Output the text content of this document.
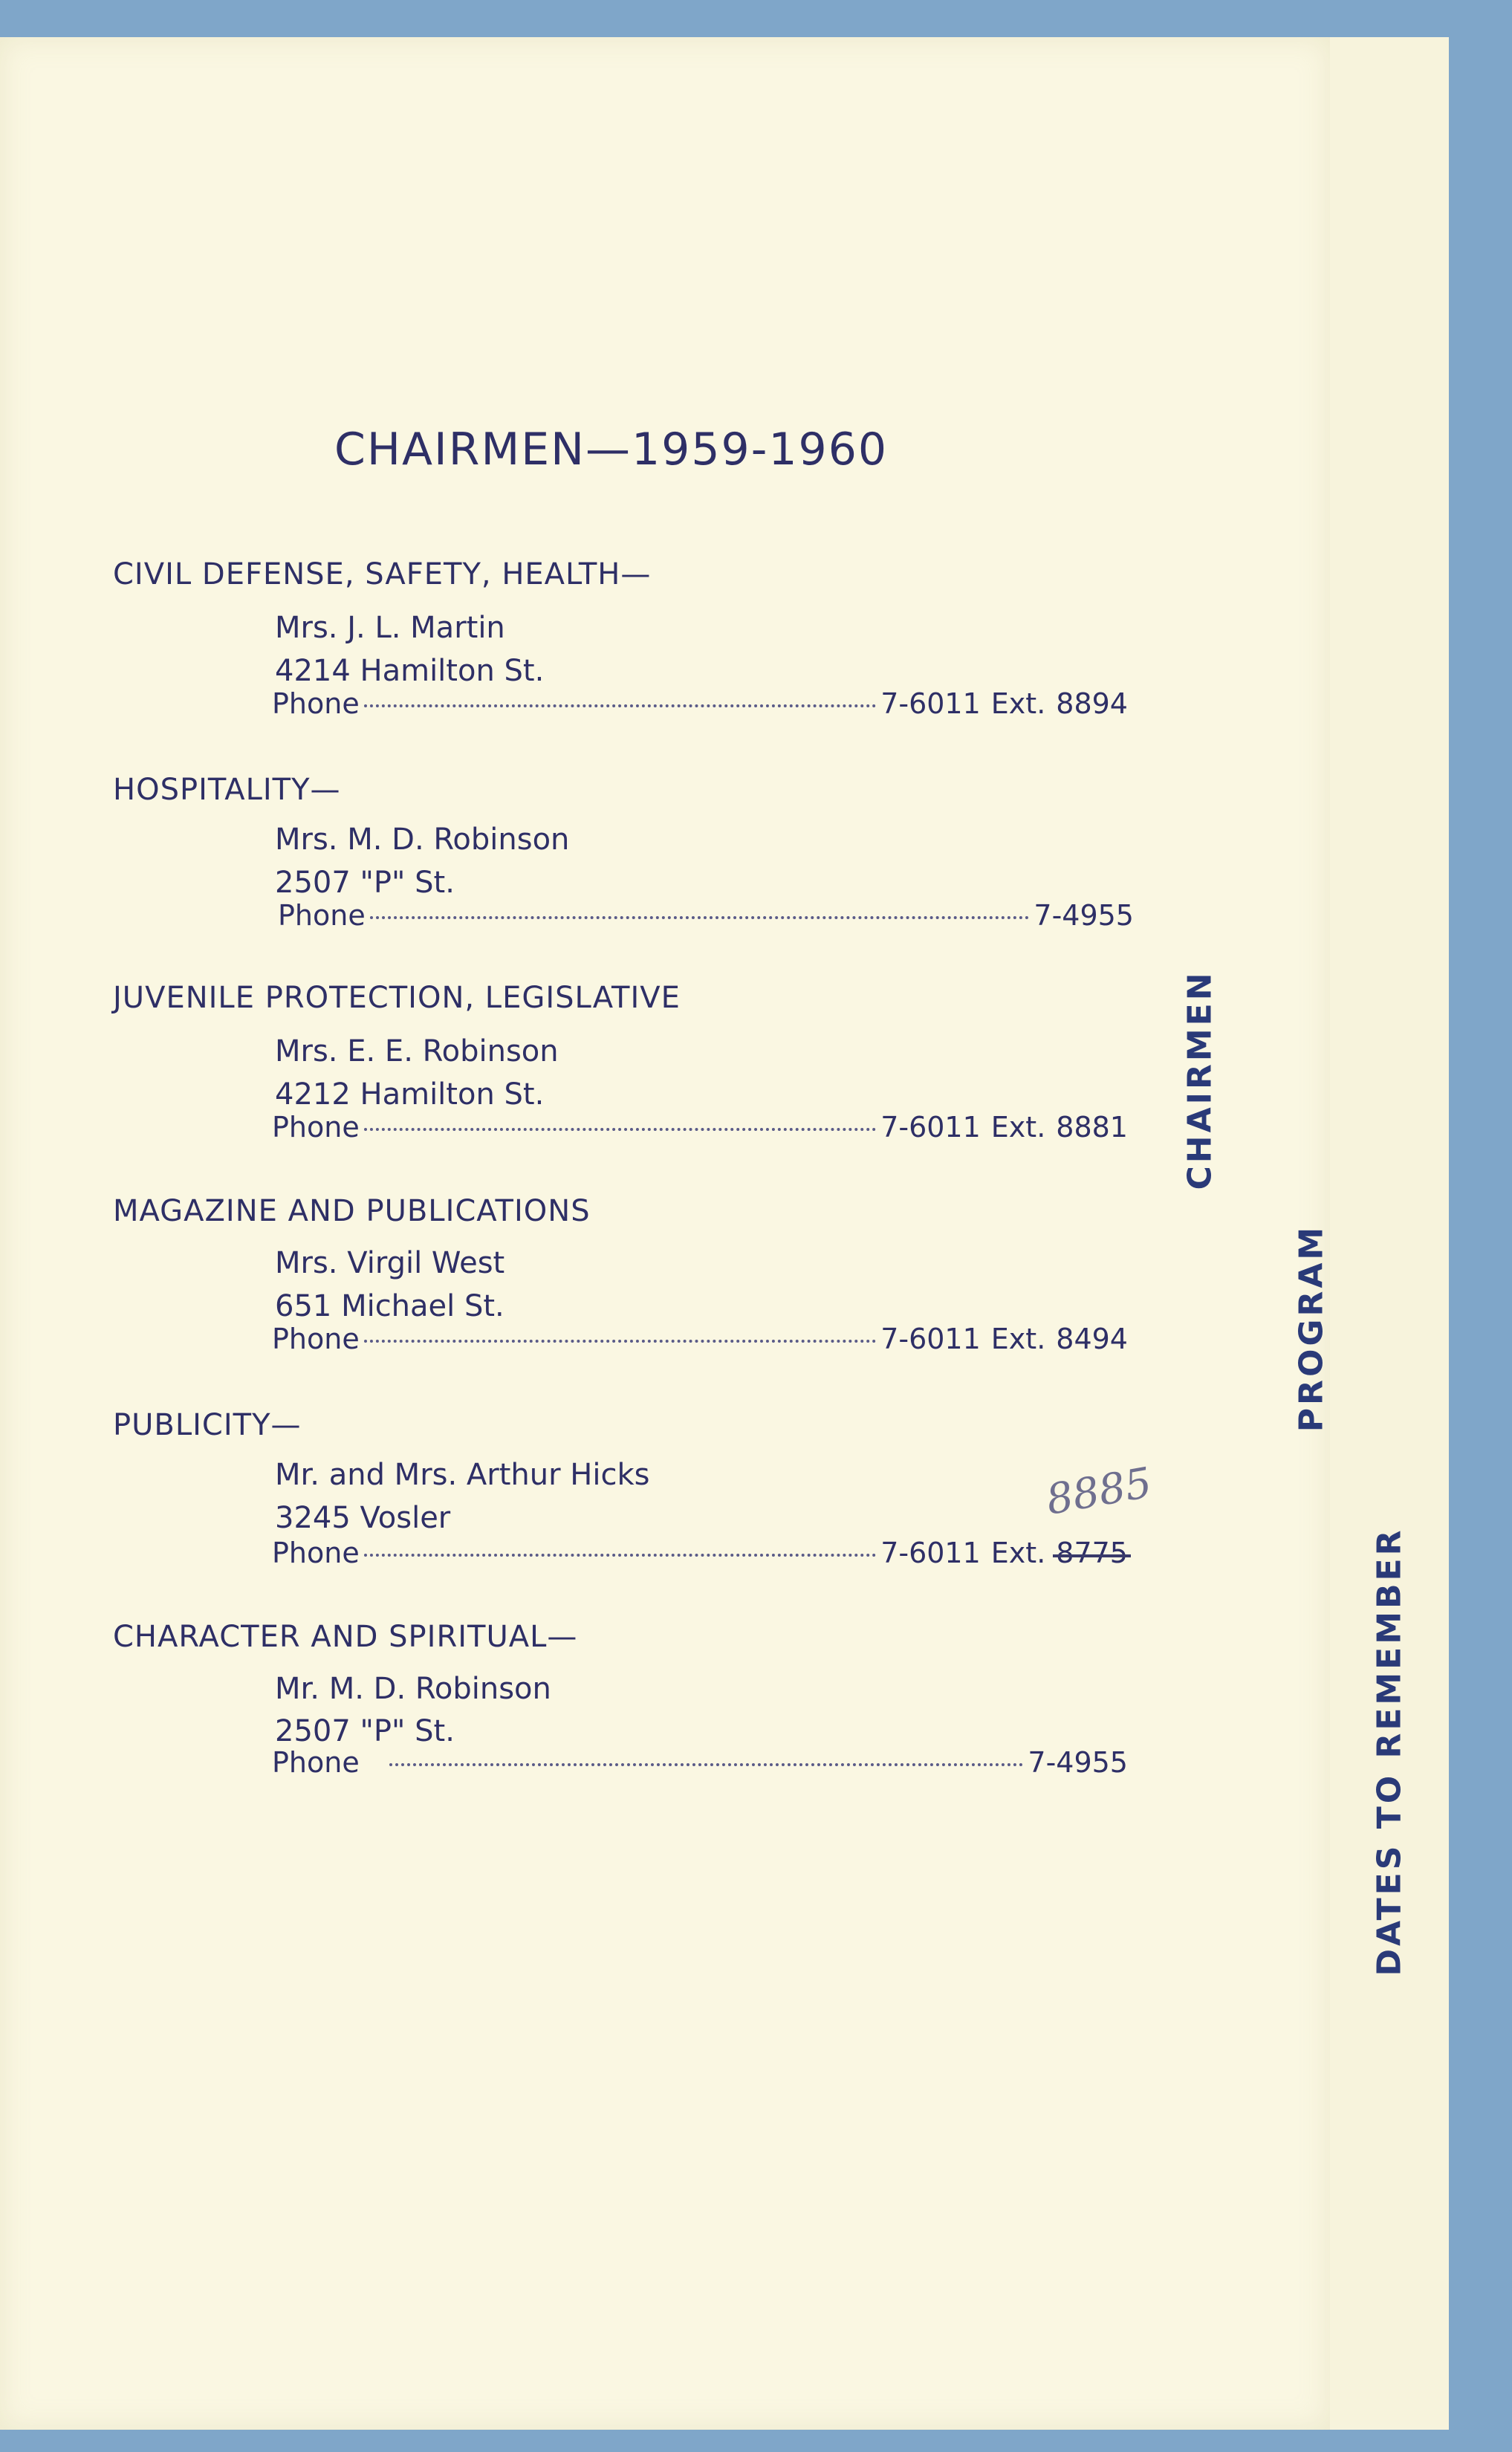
CHAIRMEN—1959-1960
CIVIL DEFENSE, SAFETY, HEALTH—
Mrs. J. L. Martin
4214 Hamilton St.
Phone	7-6011 Ext. 8894
HOSPITALITY—
Mrs. M. D. Robinson
2507 "P" St.
Phone	7-4955
JUVENILE PROTECTION, LEGISLATIVE
Mrs. E. E. Robinson
4212 Hamilton St.
Phone	7-6011 Ext. 8881
MAGAZINE AND PUBLICATIONS
Mrs. Virgil West
651 Michael St.
Phone	7-6011 Ext. 8494
PUBLICITY—
Mr. and Mrs. Arthur Hicks
3245 Vosler
Phone	7-6011 Ext. 8775
8885
CHARACTER AND SPIRITUAL—
Mr. M. D. Robinson
2507 "P" St.
Phone	7-4955
CHAIRMEN
PROGRAM
DATES TO REMEMBER
